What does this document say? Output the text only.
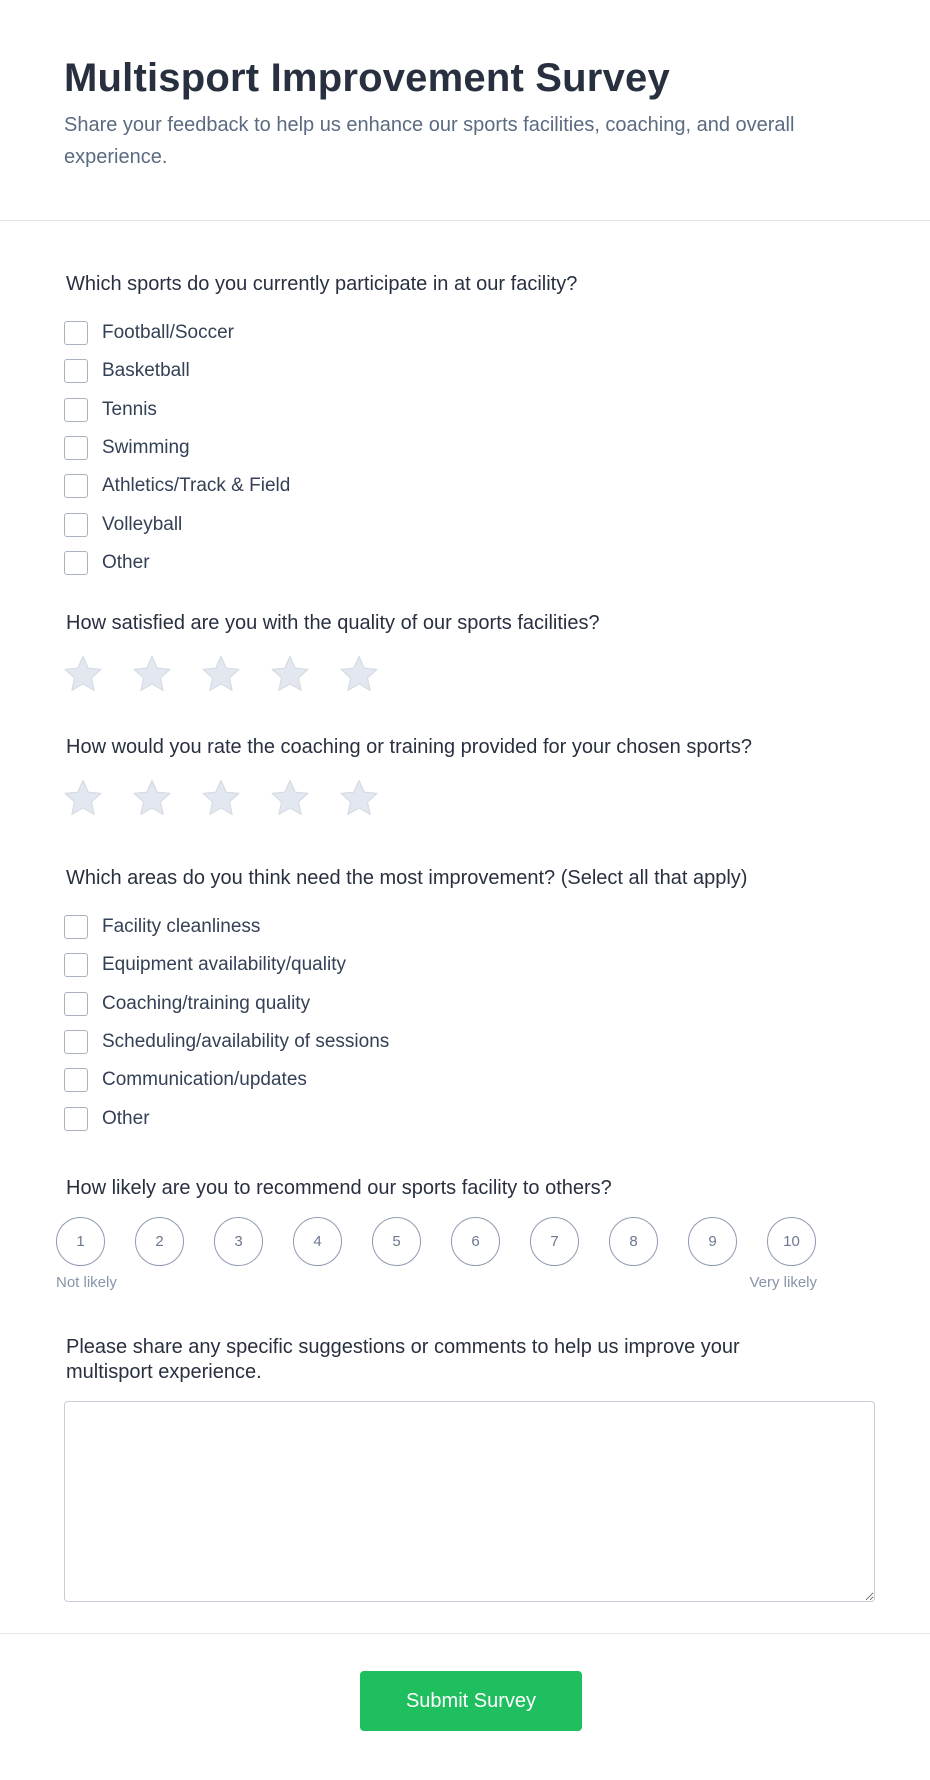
Multisport Improvement Survey

Share your feedback to help us enhance our sports facilities, coaching, and overall experience.

Which sports do you currently participate in at our facility?
Football/Soccer
Basketball
Tennis
Swimming
Athletics/Track & Field
Volleyball
Other
How satisfied are you with the quality of our sports facilities?
How would you rate the coaching or training provided for your chosen sports?
Which areas do you think need the most improvement? (Select all that apply)
Facility cleanliness
Equipment availability/quality
Coaching/training quality
Scheduling/availability of sessions
Communication/updates
Other
How likely are you to recommend our sports facility to others?
1	2	3	4	5	6	7	8	9	10
Not likely	Very likely
Please share any specific suggestions or comments to help us improve your multisport experience.
Submit Survey
